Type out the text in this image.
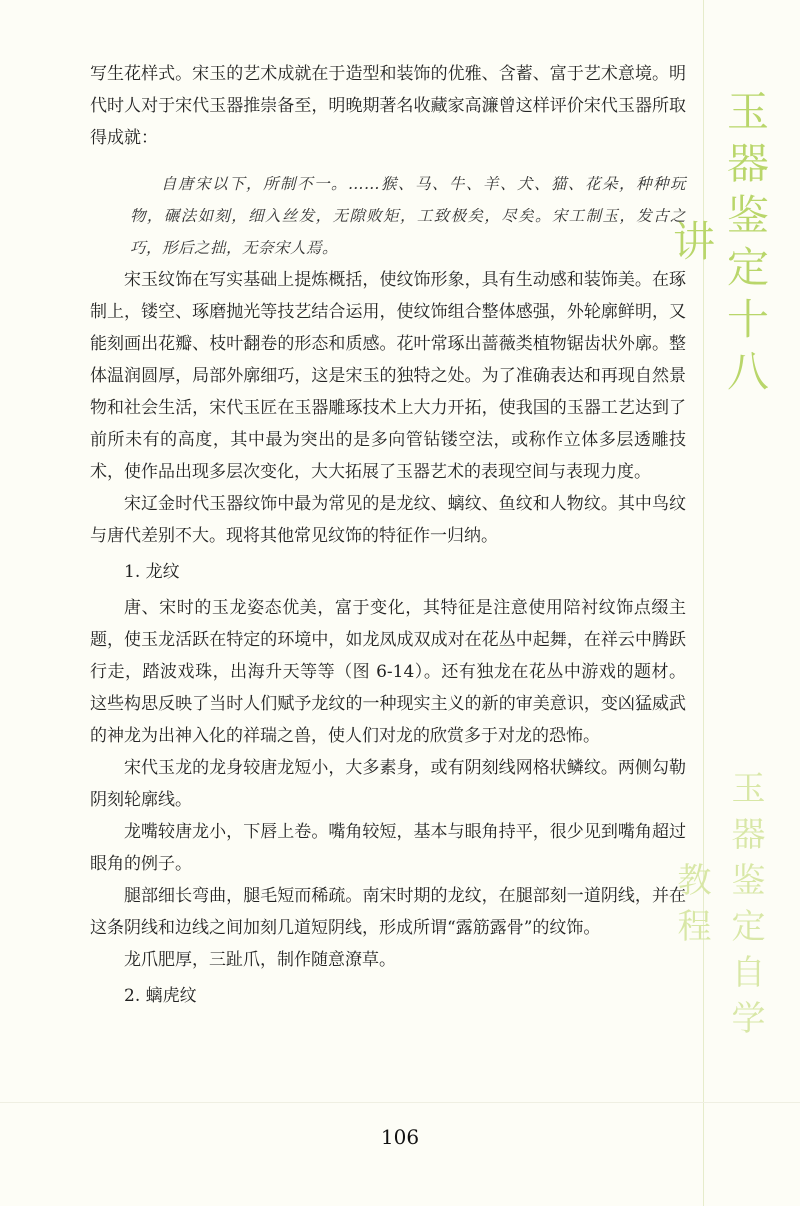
玉器鉴定十八讲
玉器鉴定自学教程

写生花样式。宋玉的艺术成就在于造型和装饰的优雅、含蓄、富于艺术意境。明代时人对于宋代玉器推崇备至，明晚期著名收藏家高濂曾这样评价宋代玉器所取得成就：

自唐宋以下，所制不一。……猴、马、牛、羊、犬、猫、花朵，种种玩物，碾法如刻，细入丝发，无隙败矩，工致极矣，尽矣。宋工制玉，发古之巧，形后之拙，无奈宋人焉。

宋玉纹饰在写实基础上提炼概括，使纹饰形象，具有生动感和装饰美。在琢制上，镂空、琢磨抛光等技艺结合运用，使纹饰组合整体感强，外轮廓鲜明，又能刻画出花瓣、枝叶翻卷的形态和质感。花叶常琢出蔷薇类植物锯齿状外廓。整体温润圆厚，局部外廓细巧，这是宋玉的独特之处。为了准确表达和再现自然景物和社会生活，宋代玉匠在玉器雕琢技术上大力开拓，使我国的玉器工艺达到了前所未有的高度，其中最为突出的是多向管钻镂空法，或称作立体多层透雕技术，使作品出现多层次变化，大大拓展了玉器艺术的表现空间与表现力度。

宋辽金时代玉器纹饰中最为常见的是龙纹、螭纹、鱼纹和人物纹。其中鸟纹与唐代差别不大。现将其他常见纹饰的特征作一归纳。

1. 龙纹

唐、宋时的玉龙姿态优美，富于变化，其特征是注意使用陪衬纹饰点缀主题，使玉龙活跃在特定的环境中，如龙凤成双成对在花丛中起舞，在祥云中腾跃行走，踏波戏珠，出海升天等等（图 6-14）。还有独龙在花丛中游戏的题材。这些构思反映了当时人们赋予龙纹的一种现实主义的新的审美意识，变凶猛威武的神龙为出神入化的祥瑞之兽，使人们对龙的欣赏多于对龙的恐怖。

宋代玉龙的龙身较唐龙短小，大多素身，或有阴刻线网格状鳞纹。两侧勾勒阴刻轮廓线。

龙嘴较唐龙小，下唇上卷。嘴角较短，基本与眼角持平，很少见到嘴角超过眼角的例子。

腿部细长弯曲，腿毛短而稀疏。南宋时期的龙纹，在腿部刻一道阴线，并在这条阴线和边线之间加刻几道短阴线，形成所谓“露筋露骨”的纹饰。

龙爪肥厚，三趾爪，制作随意潦草。

2. 螭虎纹

106
